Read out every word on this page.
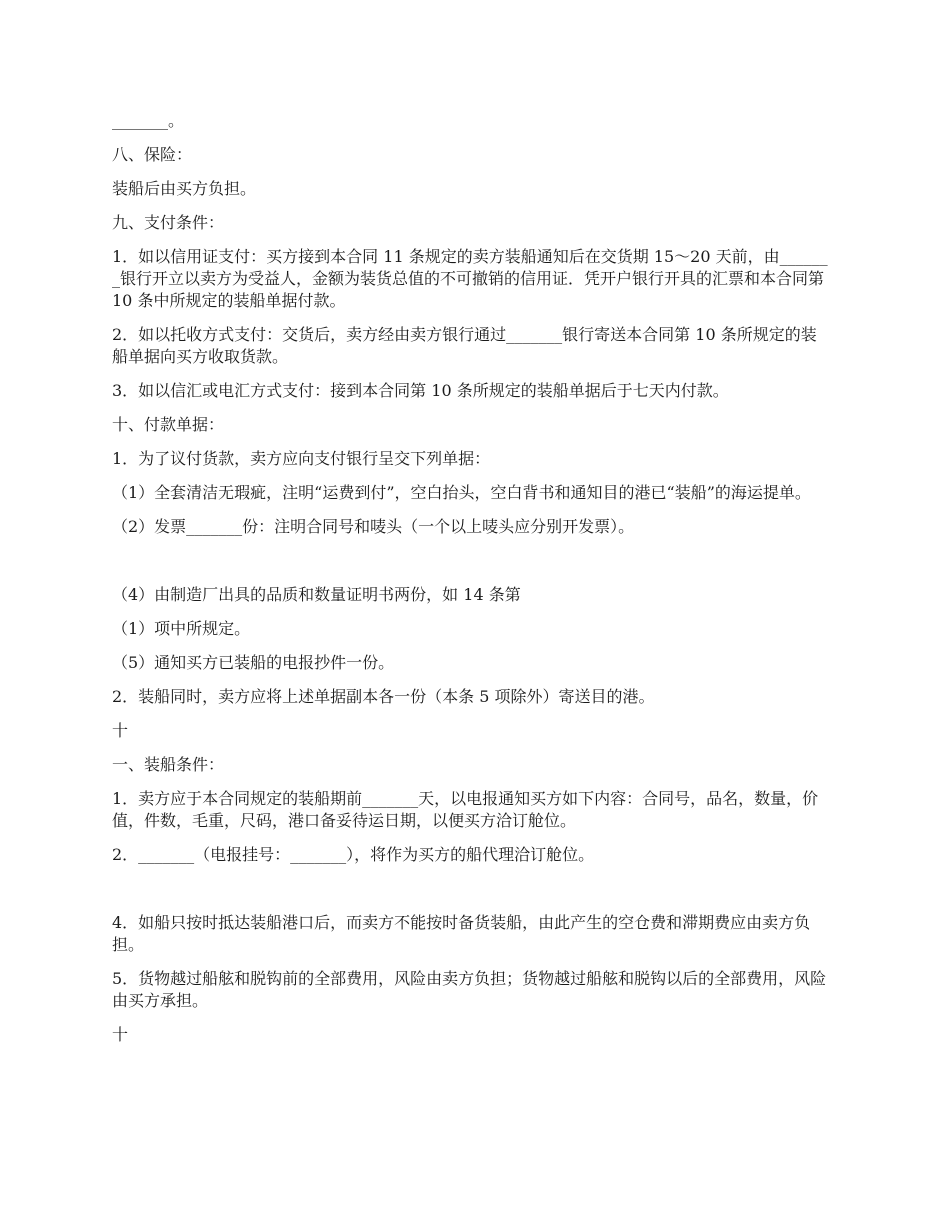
_______。

八、保险：

装船后由买方负担。

九、支付条件：

1．如以信用证支付：买方接到本合同 11 条规定的卖方装船通知后在交货期 15～20 天前，由_______银行开立以卖方为受益人，金额为装货总值的不可撤销的信用证．凭开户银行开具的汇票和本合同第 10 条中所规定的装船单据付款。

2．如以托收方式支付：交货后，卖方经由卖方银行通过_______银行寄送本合同第 10 条所规定的装船单据向买方收取货款。

3．如以信汇或电汇方式支付：接到本合同第 10 条所规定的装船单据后于七天内付款。

十、付款单据：

1．为了议付货款，卖方应向支付银行呈交下列单据：

（1）全套清洁无瑕疵，注明“运费到付”，空白抬头，空白背书和通知目的港已“装船”的海运提单。

（2）发票_______份：注明合同号和唛头（一个以上唛头应分别开发票）。

（4）由制造厂出具的品质和数量证明书两份，如 14 条第

（1）项中所规定。

（5）通知买方已装船的电报抄件一份。

2．装船同时，卖方应将上述单据副本各一份（本条 5 项除外）寄送目的港。

十

一、装船条件：

1．卖方应于本合同规定的装船期前_______天，以电报通知买方如下内容：合同号，品名，数量，价值，件数，毛重，尺码，港口备妥待运日期，以便买方洽订舱位。

2．_______（电报挂号：_______），将作为买方的船代理洽订舱位。

4．如船只按时抵达装船港口后，而卖方不能按时备货装船，由此产生的空仓费和滞期费应由卖方负担。

5．货物越过船舷和脱钩前的全部费用，风险由卖方负担；货物越过船舷和脱钩以后的全部费用，风险由买方承担。

十
